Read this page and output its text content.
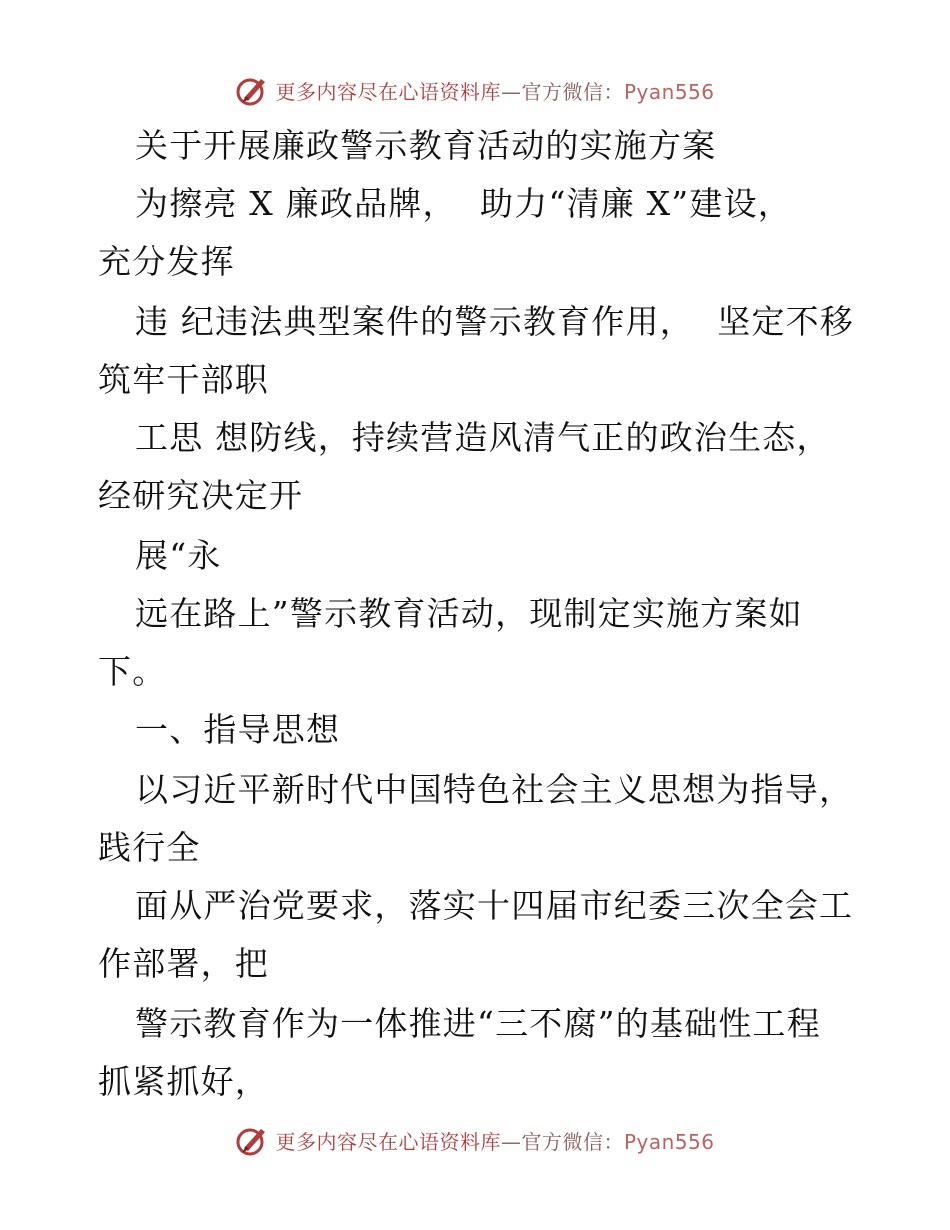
更多内容尽在心语资料库—官方微信：Pyan556
关于开展廉政警示教育活动的实施方案
为擦亮 X 廉政品牌，  助力“清廉 X”建设，
充分发挥
违 纪违法典型案件的警示教育作用，  坚定不移
筑牢干部职
工思 想防线，持续营造风清气正的政治生态，
经研究决定开
展“永
远在路上”警示教育活动，现制定实施方案如
下。
一、指导思想
以习近平新时代中国特色社会主义思想为指导，
践行全
面从严治党要求，落实十四届市纪委三次全会工
作部署，把
警示教育作为一体推进“三不腐”的基础性工程
抓紧抓好，
更多内容尽在心语资料库—官方微信：Pyan556
